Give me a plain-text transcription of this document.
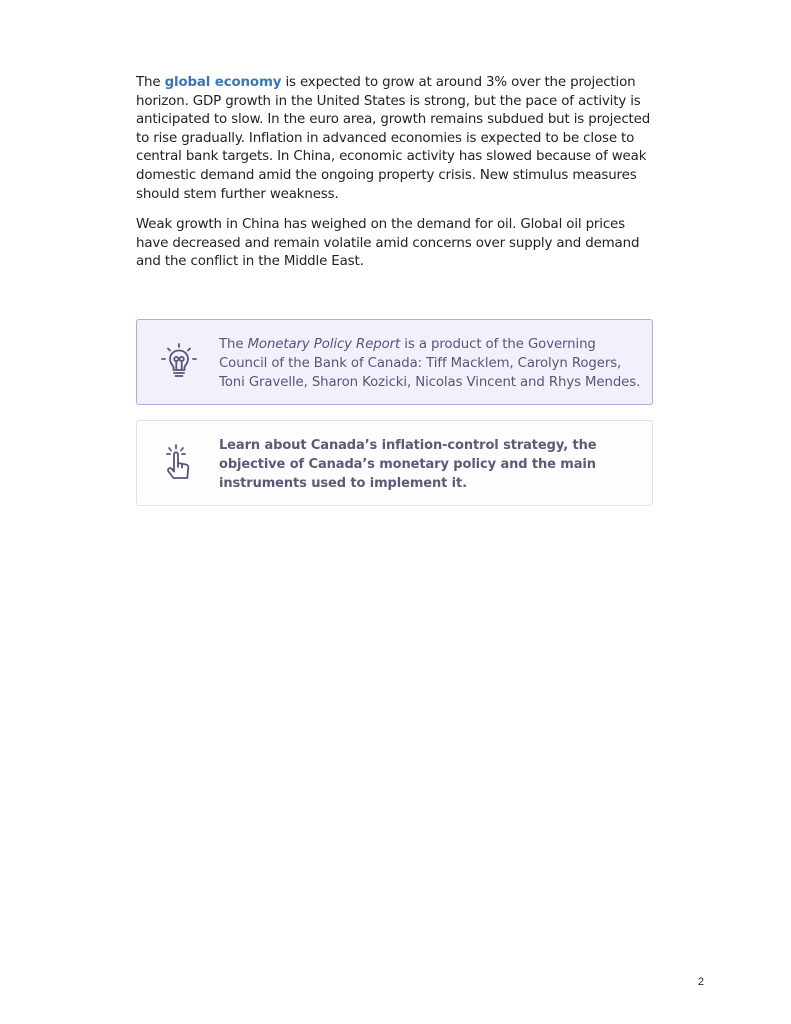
The global economy is expected to grow at around 3% over the projection horizon. GDP growth in the United States is strong, but the pace of activity is anticipated to slow. In the euro area, growth remains subdued but is projected to rise gradually. Inflation in advanced economies is expected to be close to central bank targets. In China, economic activity has slowed because of weak domestic demand amid the ongoing property crisis. New stimulus measures should stem further weakness.

Weak growth in China has weighed on the demand for oil. Global oil prices have decreased and remain volatile amid concerns over supply and demand and the conflict in the Middle East.

The Monetary Policy Report is a product of the Governing Council of the Bank of Canada: Tiff Macklem, Carolyn Rogers, Toni Gravelle, Sharon Kozicki, Nicolas Vincent and Rhys Mendes.
Learn about Canada’s inflation-control strategy, the objective of Canada’s monetary policy and the main instruments used to implement it.
2
